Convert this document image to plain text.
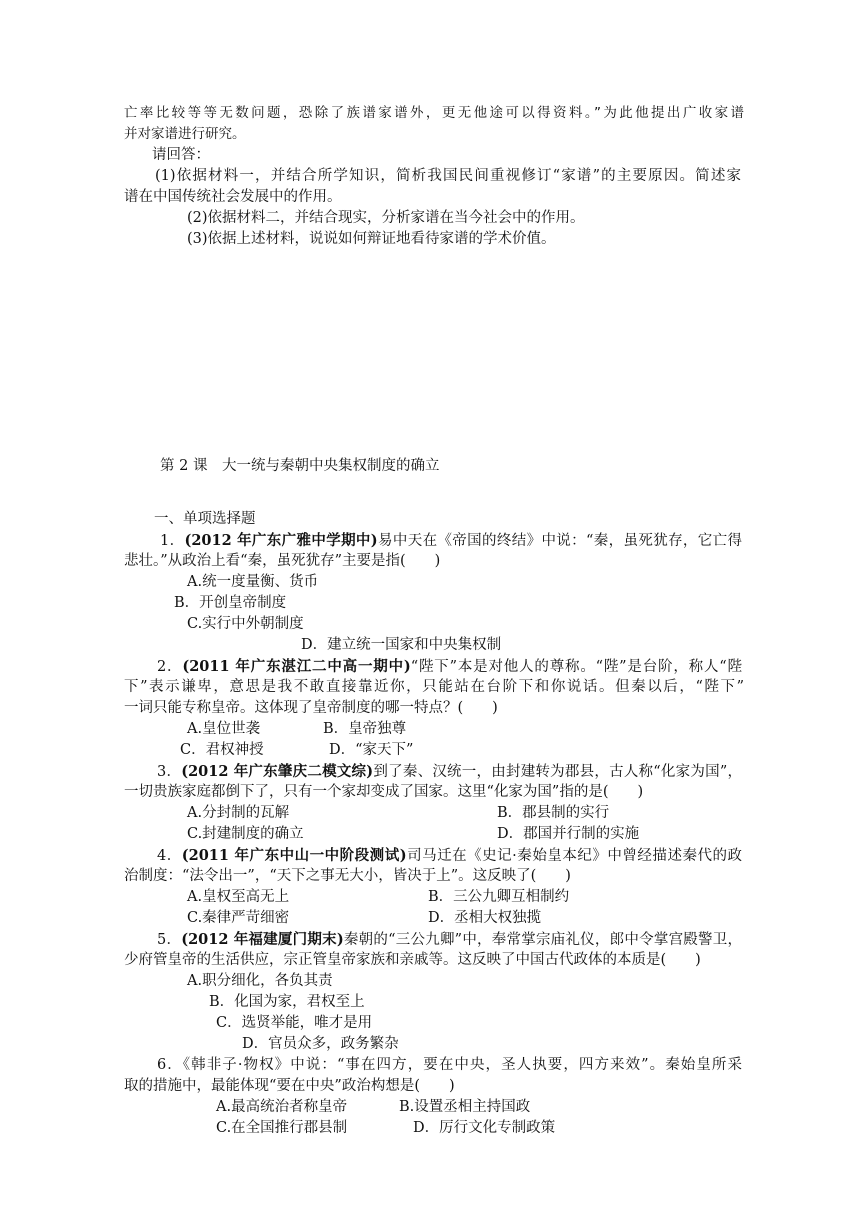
亡率比较等等无数问题，恐除了族谱家谱外，更无他途可以得资料。”为此他提出广收家谱
并对家谱进行研究。
请回答：
(1)依据材料一，并结合所学知识，简析我国民间重视修订“家谱”的主要原因。简述家
谱在中国传统社会发展中的作用。
(2)依据材料二，并结合现实，分析家谱在当今社会中的作用。
(3)依据上述材料，说说如何辩证地看待家谱的学术价值。
第 2 课　大一统与秦朝中央集权制度的确立
一、单项选择题
1．(2012 年广东广雅中学期中)易中天在《帝国的终结》中说：“秦，虽死犹存，它亡得
悲壮。”从政治上看“秦，虽死犹存”主要是指(　　)
A.统一度量衡、货币
B．开创皇帝制度
C.实行中外朝制度
D．建立统一国家和中央集权制
2．(2011 年广东湛江二中高一期中)“陛下”本是对他人的尊称。“陛”是台阶，称人“陛
下”表示谦卑，意思是我不敢直接靠近你，只能站在台阶下和你说话。但秦以后，“陛下”
一词只能专称皇帝。这体现了皇帝制度的哪一特点？(　　)
A.皇位世袭	B．皇帝独尊
C．君权神授	D．“家天下”
3．(2012 年广东肇庆二模文综)到了秦、汉统一，由封建转为郡县，古人称“化家为国”，
一切贵族家庭都倒下了，只有一个家却变成了国家。这里“化家为国”指的是(　　)
A.分封制的瓦解	B．郡县制的实行
C.封建制度的确立	D．郡国并行制的实施
4．(2011 年广东中山一中阶段测试)司马迁在《史记·秦始皇本纪》中曾经描述秦代的政
治制度：“法令出一”，“天下之事无大小，皆决于上”。这反映了(　　)
A.皇权至高无上	B．三公九卿互相制约
C.秦律严苛细密	D．丞相大权独揽
5．(2012 年福建厦门期末)秦朝的“三公九卿”中，奉常掌宗庙礼仪，郎中令掌宫殿警卫，
少府管皇帝的生活供应，宗正管皇帝家族和亲戚等。这反映了中国古代政体的本质是(　　)
A.职分细化，各负其责
B．化国为家，君权至上
C．选贤举能，唯才是用
D．官员众多，政务繁杂
6．《韩非子·物权》中说：“事在四方，要在中央，圣人执要，四方来效”。秦始皇所采
取的措施中，最能体现“要在中央”政治构想是(　　)
A.最高统治者称皇帝	B.设置丞相主持国政
C.在全国推行郡县制	D．厉行文化专制政策
